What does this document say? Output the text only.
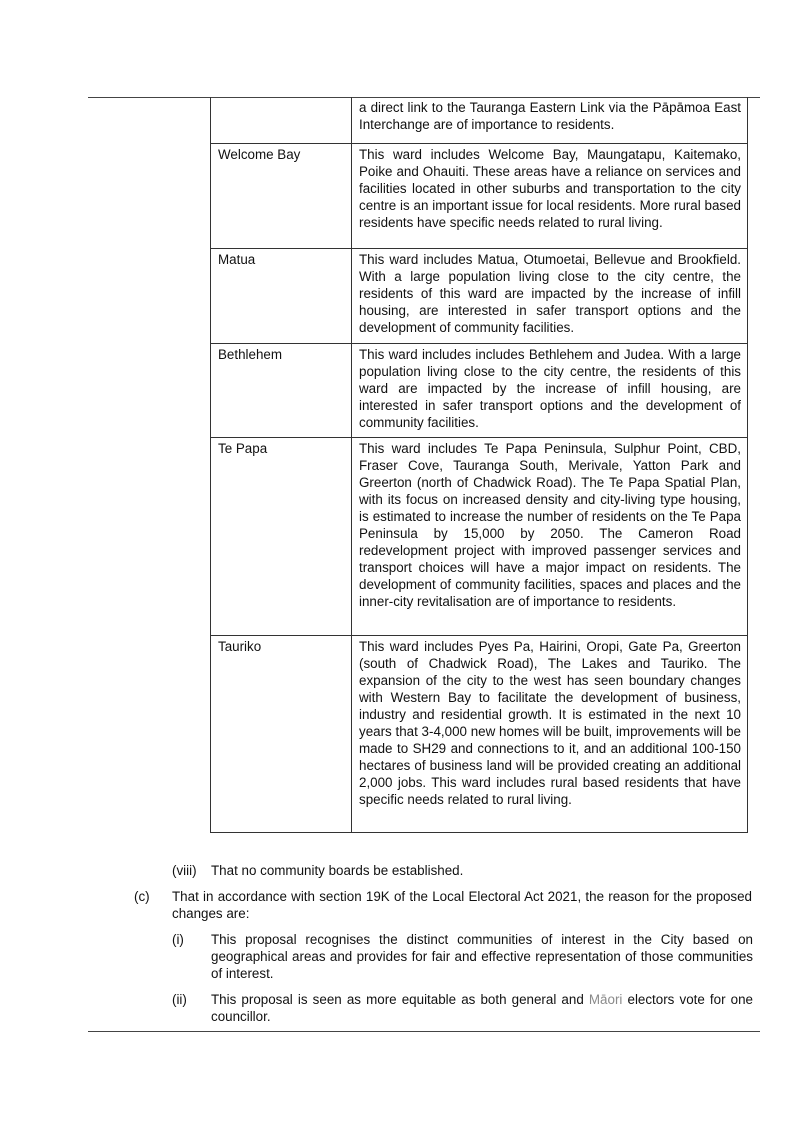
	a direct link to the Tauranga Eastern Link via the Pāpāmoa East Interchange are of importance to residents.
Welcome Bay	This ward includes Welcome Bay, Maungatapu, Kaitemako, Poike and Ohauiti. These areas have a reliance on services and facilities located in other suburbs and transportation to the city centre is an important issue for local residents. More rural based residents have specific needs related to rural living.
Matua	This ward includes Matua, Otumoetai, Bellevue and Brookfield. With a large population living close to the city centre, the residents of this ward are impacted by the increase of infill housing, are interested in safer transport options and the development of community facilities.
Bethlehem	This ward includes includes Bethlehem and Judea. With a large population living close to the city centre, the residents of this ward are impacted by the increase of infill housing, are interested in safer transport options and the development of community facilities.
Te Papa	This ward includes Te Papa Peninsula, Sulphur Point, CBD, Fraser Cove, Tauranga South, Merivale, Yatton Park and Greerton (north of Chadwick Road). The Te Papa Spatial Plan, with its focus on increased density and city-living type housing, is estimated to increase the number of residents on the Te Papa Peninsula by 15,000 by 2050. The Cameron Road redevelopment project with improved passenger services and transport choices will have a major impact on residents. The development of community facilities, spaces and places and the inner-city revitalisation are of importance to residents.
Tauriko	This ward includes Pyes Pa, Hairini, Oropi, Gate Pa, Greerton (south of Chadwick Road), The Lakes and Tauriko. The expansion of the city to the west has seen boundary changes with Western Bay to facilitate the development of business, industry and residential growth. It is estimated in the next 10 years that 3-4,000 new homes will be built, improvements will be made to SH29 and connections to it, and an additional 100-150 hectares of business land will be provided creating an additional 2,000 jobs. This ward includes rural based residents that have specific needs related to rural living.
(viii) That no community boards be established.
(c) That in accordance with section 19K of the Local Electoral Act 2021, the reason for the proposed changes are:
(i) This proposal recognises the distinct communities of interest in the City based on geographical areas and provides for fair and effective representation of those communities of interest.
(ii) This proposal is seen as more equitable as both general and Māori electors vote for one councillor.
